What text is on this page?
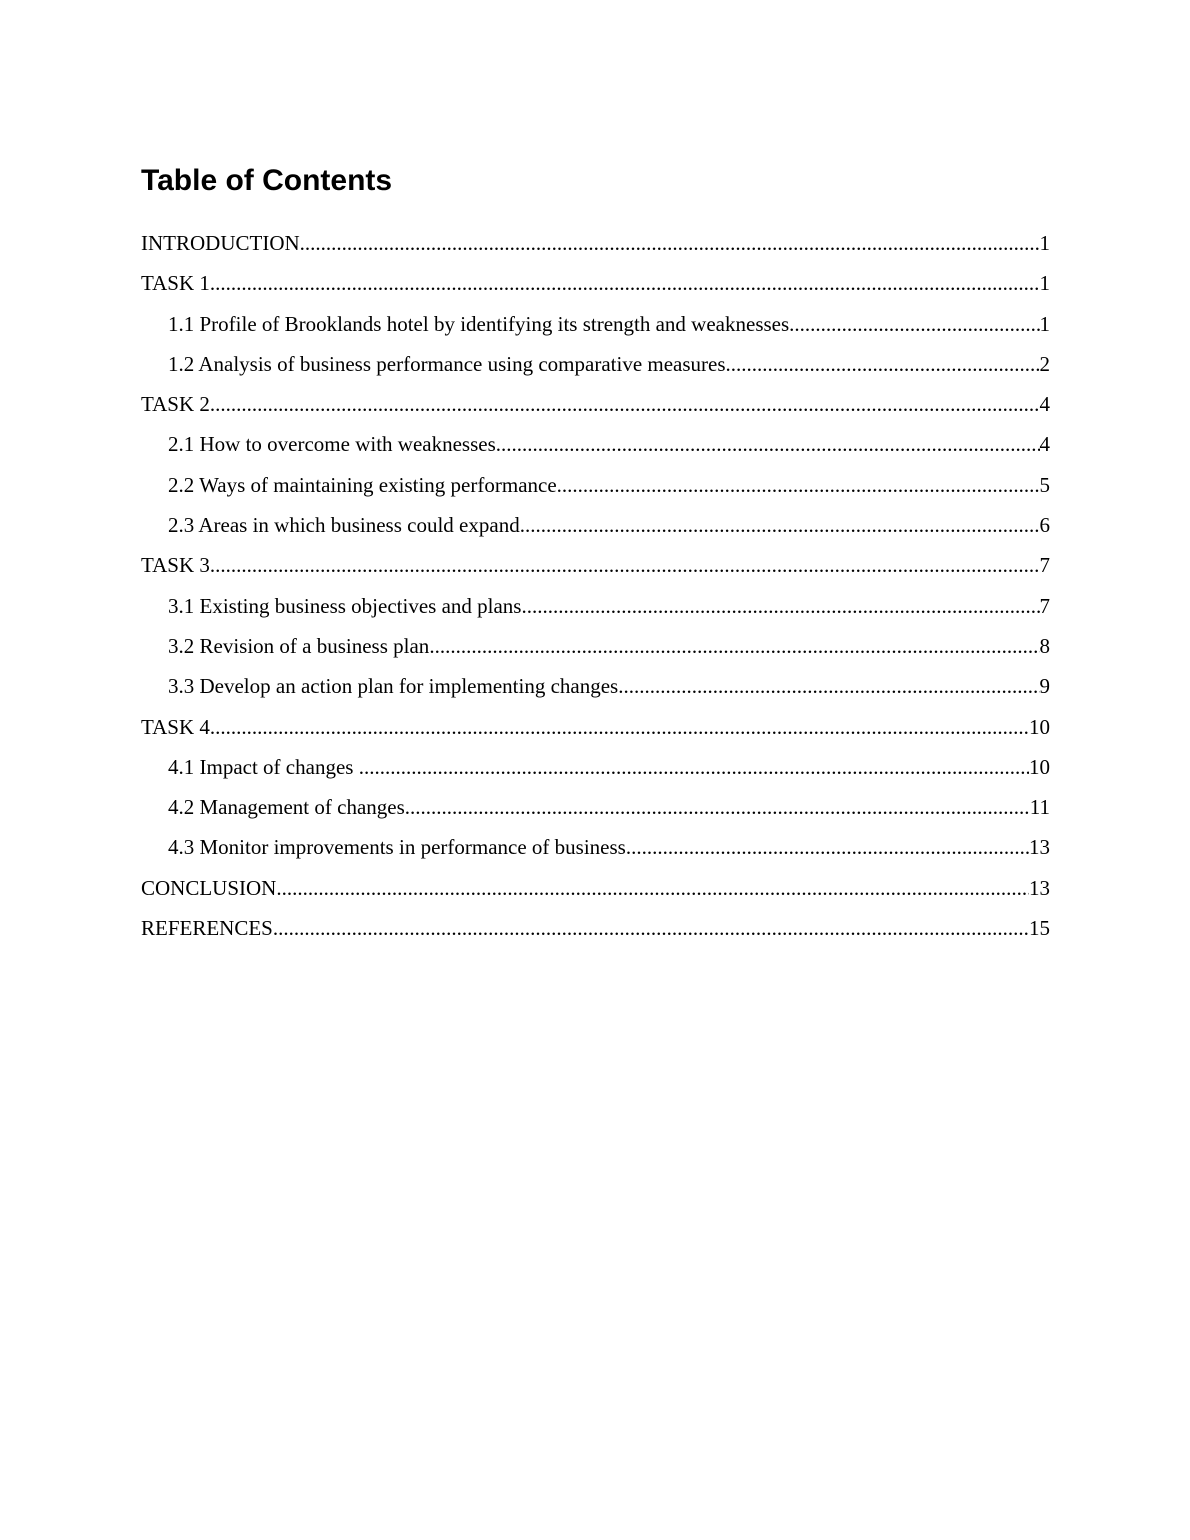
Table of Contents
INTRODUCTION .....	1
TASK 1 .....	1
1.1 Profile of Brooklands hotel by identifying its strength and weaknesses .....	1
1.2 Analysis of business performance using comparative measures .....	2
TASK 2 .....	4
2.1 How to overcome with weaknesses .....	4
2.2 Ways of maintaining existing performance .....	5
2.3 Areas in which business could expand .....	6
TASK 3 .....	7
3.1 Existing business objectives and plans .....	7
3.2 Revision of a business plan .....	8
3.3 Develop an action plan for implementing changes .....	9
TASK 4 .....	10
4.1 Impact of changes .....	10
4.2 Management of changes .....	11
4.3 Monitor improvements in performance of business .....	13
CONCLUSION .....	13
REFERENCES .....	15
